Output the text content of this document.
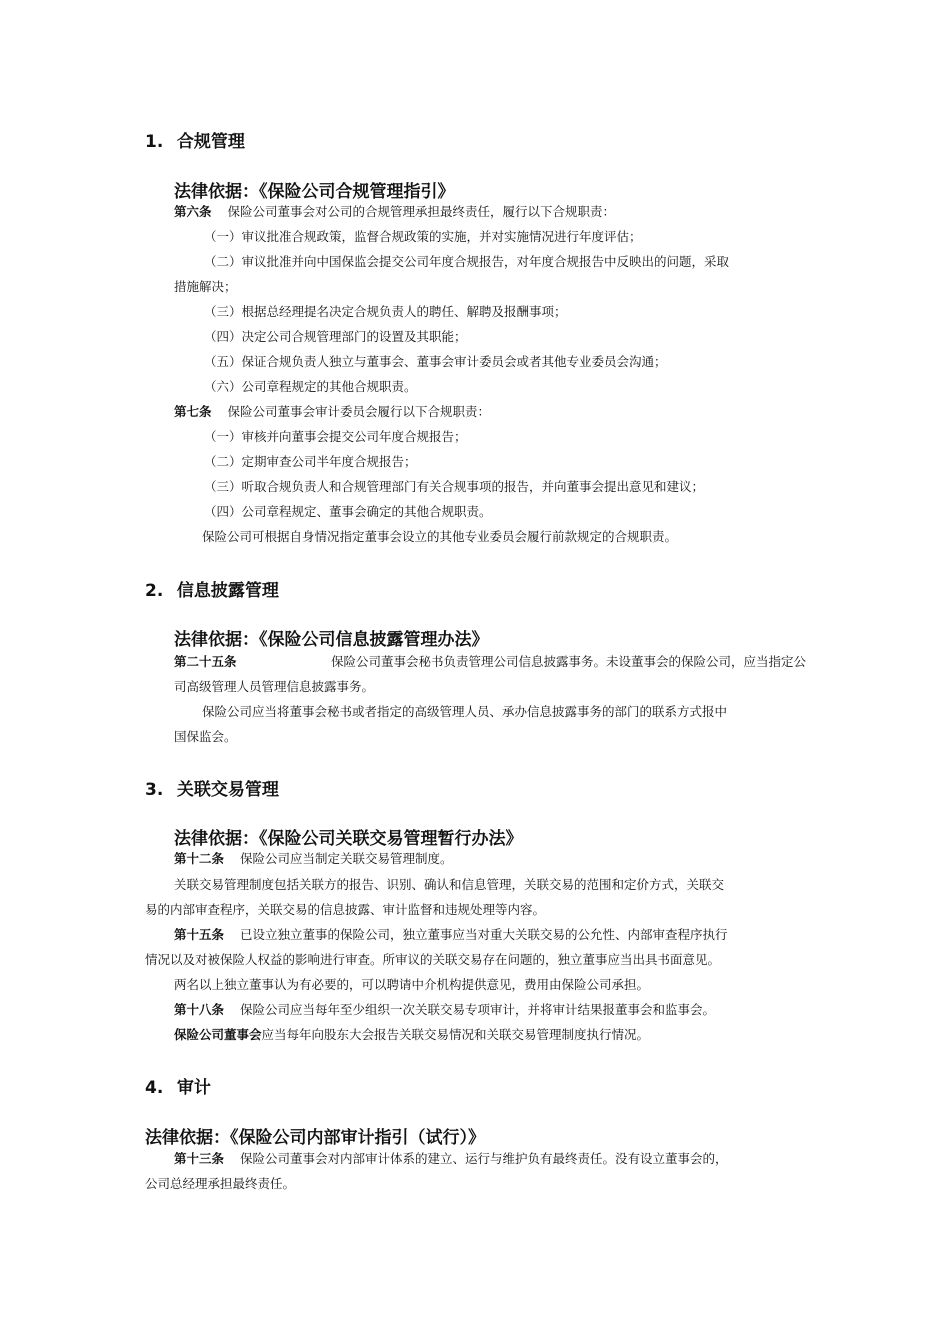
1. 合规管理
法律依据：《保险公司合规管理指引》
第六条 保险公司董事会对公司的合规管理承担最终责任，履行以下合规职责：
（一）审议批准合规政策，监督合规政策的实施，并对实施情况进行年度评估；
（二）审议批准并向中国保监会提交公司年度合规报告，对年度合规报告中反映出的问题，采取
措施解决；
（三）根据总经理提名决定合规负责人的聘任、解聘及报酬事项；
（四）决定公司合规管理部门的设置及其职能；
（五）保证合规负责人独立与董事会、董事会审计委员会或者其他专业委员会沟通；
（六）公司章程规定的其他合规职责。
第七条 保险公司董事会审计委员会履行以下合规职责：
（一）审核并向董事会提交公司年度合规报告；
（二）定期审查公司半年度合规报告；
（三）听取合规负责人和合规管理部门有关合规事项的报告，并向董事会提出意见和建议；
（四）公司章程规定、董事会确定的其他合规职责。
保险公司可根据自身情况指定董事会设立的其他专业委员会履行前款规定的合规职责。
2. 信息披露管理
法律依据：《保险公司信息披露管理办法》
第二十五条	保险公司董事会秘书负责管理公司信息披露事务。未设董事会的保险公司，应当指定公
司高级管理人员管理信息披露事务。
保险公司应当将董事会秘书或者指定的高级管理人员、承办信息披露事务的部门的联系方式报中
国保监会。
3. 关联交易管理
法律依据：《保险公司关联交易管理暂行办法》
第十二条 保险公司应当制定关联交易管理制度。
关联交易管理制度包括关联方的报告、识别、确认和信息管理，关联交易的范围和定价方式，关联交
易的内部审查程序，关联交易的信息披露、审计监督和违规处理等内容。
第十五条 已设立独立董事的保险公司，独立董事应当对重大关联交易的公允性、内部审查程序执行
情况以及对被保险人权益的影响进行审查。所审议的关联交易存在问题的，独立董事应当出具书面意见。
两名以上独立董事认为有必要的，可以聘请中介机构提供意见，费用由保险公司承担。
第十八条 保险公司应当每年至少组织一次关联交易专项审计，并将审计结果报董事会和监事会。
保险公司董事会应当每年向股东大会报告关联交易情况和关联交易管理制度执行情况。
4. 审计
法律依据：《保险公司内部审计指引（试行）》
第十三条 保险公司董事会对内部审计体系的建立、运行与维护负有最终责任。没有设立董事会的，
公司总经理承担最终责任。
